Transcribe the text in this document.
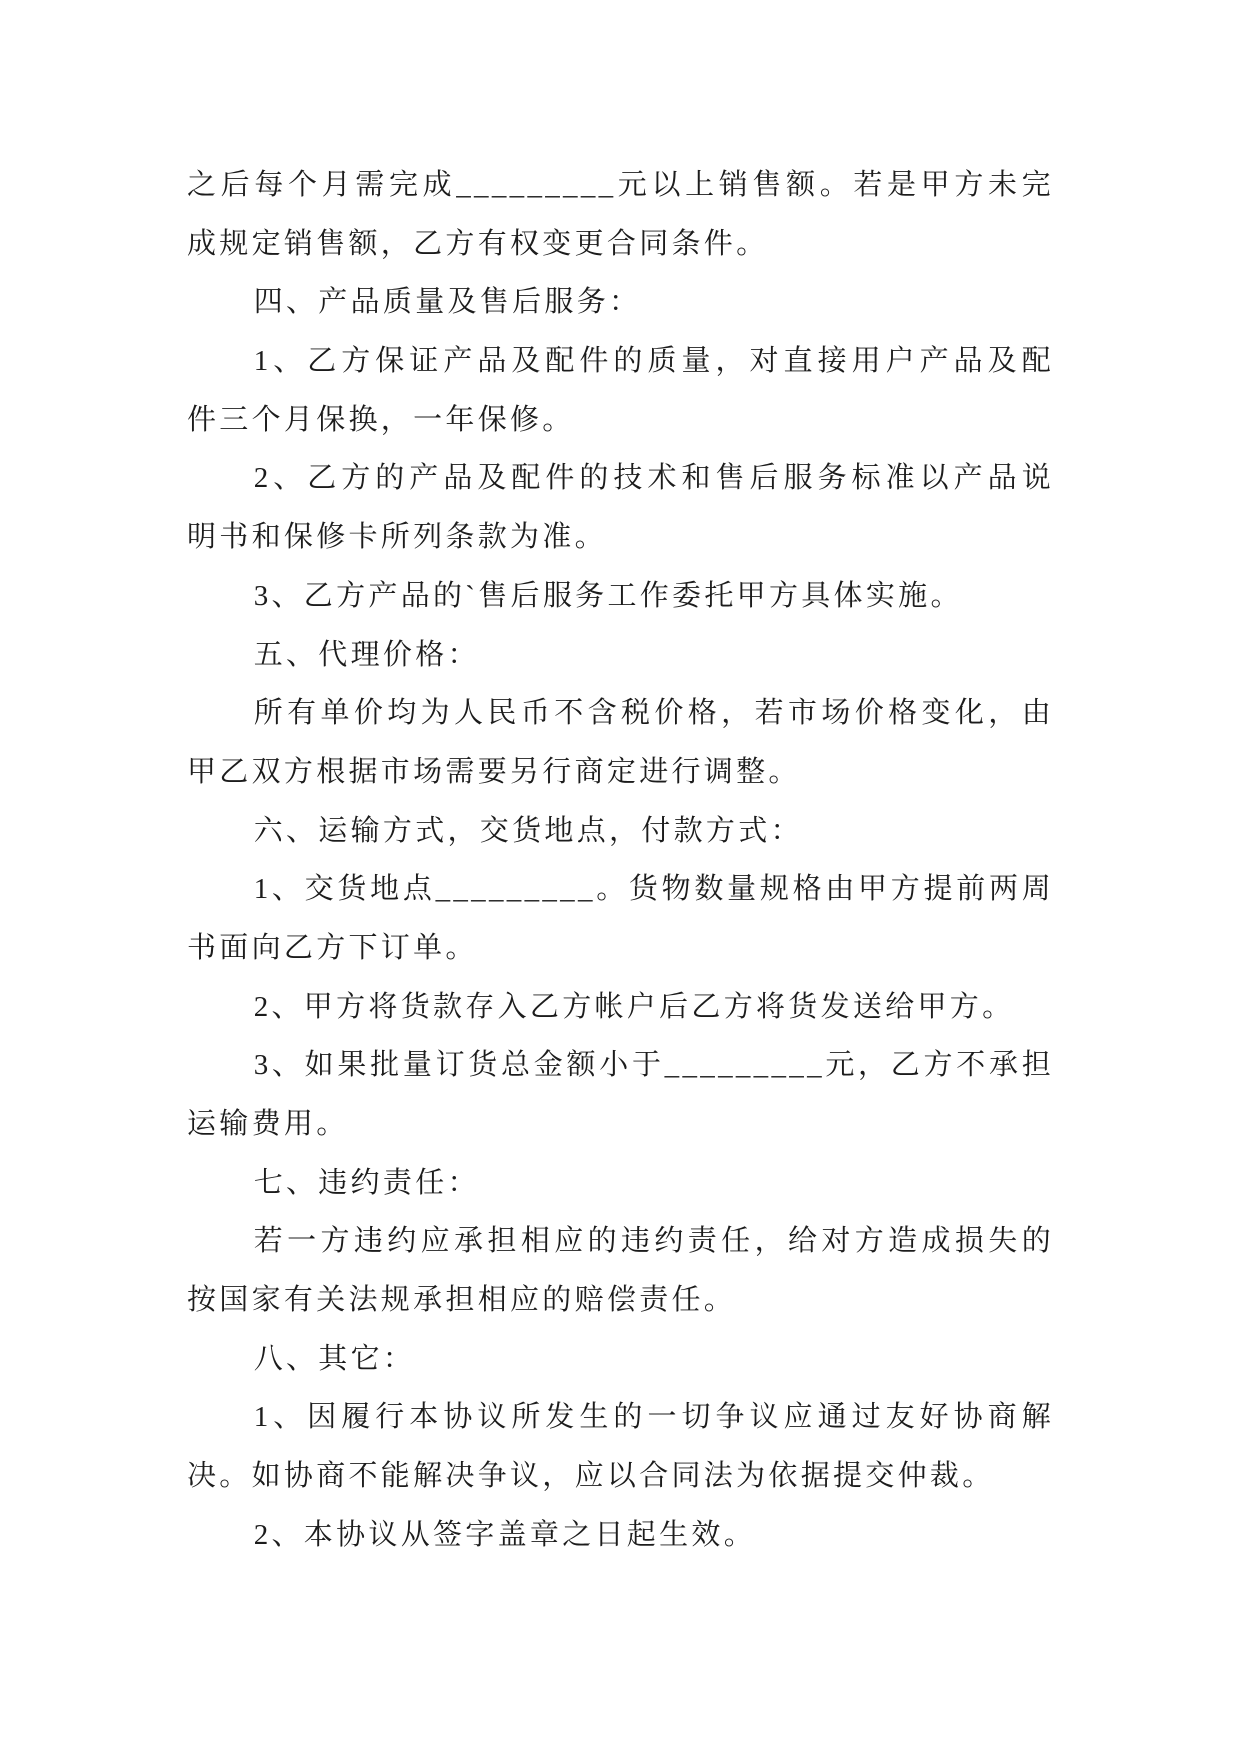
之后每个月需完成_________元以上销售额。若是甲方未完
成规定销售额，乙方有权变更合同条件。
四、产品质量及售后服务：
1、乙方保证产品及配件的质量，对直接用户产品及配
件三个月保换，一年保修。
2、乙方的产品及配件的技术和售后服务标准以产品说
明书和保修卡所列条款为准。
3、乙方产品的`售后服务工作委托甲方具体实施。
五、代理价格：
所有单价均为人民币不含税价格，若市场价格变化，由
甲乙双方根据市场需要另行商定进行调整。
六、运输方式，交货地点，付款方式：
1、交货地点_________。货物数量规格由甲方提前两周
书面向乙方下订单。
2、甲方将货款存入乙方帐户后乙方将货发送给甲方。
3、如果批量订货总金额小于_________元，乙方不承担
运输费用。
七、违约责任：
若一方违约应承担相应的违约责任，给对方造成损失的
按国家有关法规承担相应的赔偿责任。
八、其它：
1、因履行本协议所发生的一切争议应通过友好协商解
决。如协商不能解决争议，应以合同法为依据提交仲裁。
2、本协议从签字盖章之日起生效。
